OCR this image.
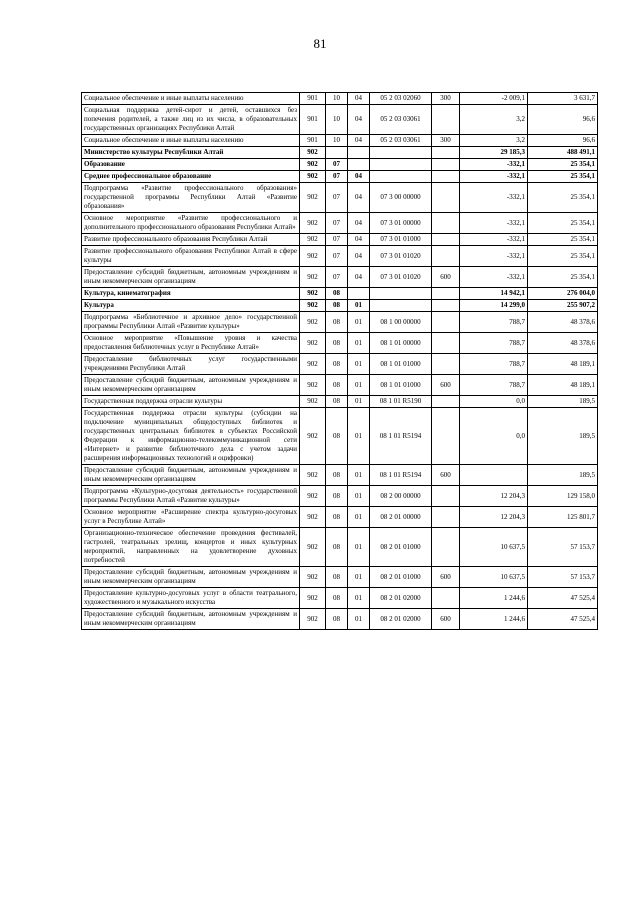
81
Социальное обеспечение и иные выплаты населению	901	10	04	05 2 03 02060	300	-2 009,1	3 631,7
Социальная поддержка детей-сирот и детей, оставшихся без попечения родителей, а также лиц из их числа, в образовательных государственных организациях Республики Алтай	901	10	04	05 2 03 03061		3,2	96,6
Социальное обеспечение и иные выплаты населению	901	10	04	05 2 03 03061	300	3,2	96,6
Министерство культуры Республики Алтай	902					29 185,3	488 491,1
Образование	902	07				-332,1	25 354,1
Среднее профессиональное образование	902	07	04			-332,1	25 354,1
Подпрограмма «Развитие профессионального образования» государственной программы Республики Алтай «Развитие образования»	902	07	04	07 3 00 00000		-332,1	25 354,1
Основное мероприятие «Развитие профессионального и дополнительного профессионального образования Республики Алтай»	902	07	04	07 3 01 00000		-332,1	25 354,1
Развитие профессионального образования Республики Алтай	902	07	04	07 3 01 01000		-332,1	25 354,1
Развитие профессионального образования Республики Алтай в сфере культуры	902	07	04	07 3 01 01020		-332,1	25 354,1
Предоставление субсидий бюджетным, автономным учреждениям и иным некоммерческим организациям	902	07	04	07 3 01 01020	600	-332,1	25 354,1
Культура, кинематография	902	08				14 942,1	276 004,0
Культура	902	08	01			14 299,0	255 907,2
Подпрограмма «Библиотечное и архивное дело» государственной программы Республики Алтай «Развитие культуры»	902	08	01	08 1 00 00000		788,7	48 378,6
Основное мероприятие «Повышение уровня и качества предоставления библиотечных услуг в Республике Алтай»	902	08	01	08 1 01 00000		788,7	48 378,6
Предоставление библиотечных услуг государственными учреждениями Республики Алтай	902	08	01	08 1 01 01000		788,7	48 189,1
Предоставление субсидий бюджетным, автономным учреждениям и иным некоммерческим организациям	902	08	01	08 1 01 01000	600	788,7	48 189,1
Государственная поддержка отрасли культуры	902	08	01	08 1 01 R5190		0,0	189,5
Государственная поддержка отрасли культуры (субсидии на подключение муниципальных общедоступных библиотек и государственных центральных библиотек в субъектах Российской Федерации к информационно-телекоммуникационной сети «Интернет» и развитие библиотечного дела с учетом задачи расширения информационных технологий и оцифровки)	902	08	01	08 1 01 R5194		0,0	189,5
Предоставление субсидий бюджетным, автономным учреждениям и иным некоммерческим организациям	902	08	01	08 1 01 R5194	600		189,5
Подпрограмма «Культурно-досуговая деятельность» государственной программы Республики Алтай «Развитие культуры»	902	08	01	08 2 00 00000		12 204,3	129 158,0
Основное мероприятие «Расширение спектра культурно-досуговых услуг в Республике Алтай»	902	08	01	08 2 01 00000		12 204,3	125 801,7
Организационно-техническое обеспечение проведения фестивалей, гастролей, театральных зрелищ, концертов и иных культурных мероприятий, направленных на удовлетворение духовных потребностей	902	08	01	08 2 01 01000		10 637,5	57 153,7
Предоставление субсидий бюджетным, автономным учреждениям и иным некоммерческим организациям	902	08	01	08 2 01 01000	600	10 637,5	57 153,7
Предоставление культурно-досуговых услуг в области театрального, художественного и музыкального искусства	902	08	01	08 2 01 02000		1 244,6	47 525,4
Предоставление субсидий бюджетным, автономным учреждениям и иным некоммерческим организациям	902	08	01	08 2 01 02000	600	1 244,6	47 525,4
